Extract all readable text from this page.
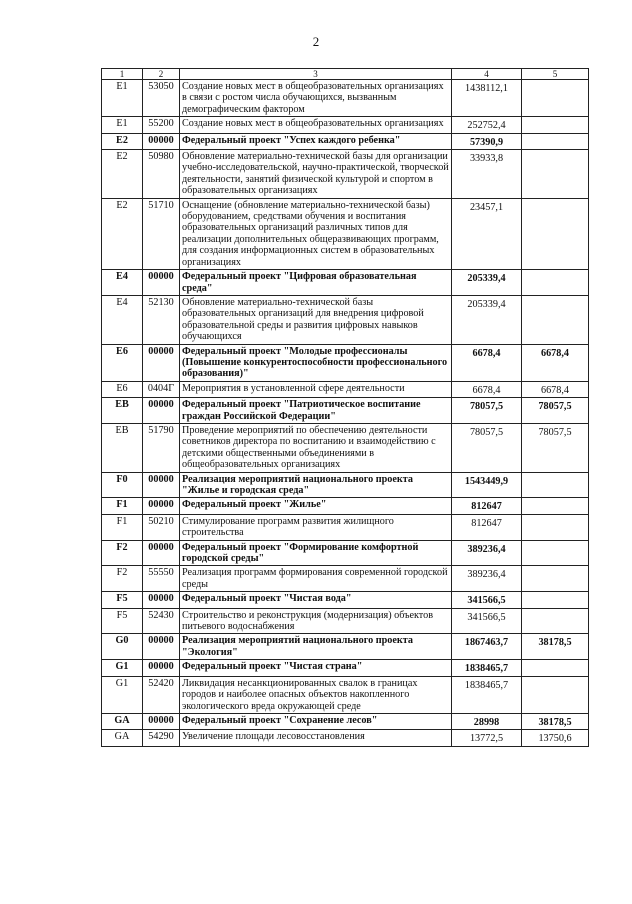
2
1	2	3	4	5
E1	53050	Создание новых мест в общеобразовательных организациях в связи с ростом числа обучающихся, вызванным демографическим фактором	1438112,1	
E1	55200	Создание новых мест в общеобразовательных организациях	252752,4	
E2	00000	Федеральный проект "Успех каждого ребенка"	57390,9	
E2	50980	Обновление материально-технической базы для организации учебно-исследовательской, научно-практической, творческой деятельности, занятий физической культурой и спортом в образовательных организациях	33933,8	
E2	51710	Оснащение (обновление материально-технической базы) оборудованием, средствами обучения и воспитания образовательных организаций различных типов для реализации дополнительных общеразвивающих программ, для создания информационных систем в образовательных организациях	23457,1	
E4	00000	Федеральный проект "Цифровая образовательная среда"	205339,4	
E4	52130	Обновление материально-технической базы образовательных организаций для внедрения цифровой образовательной среды и развития цифровых навыков обучающихся	205339,4	
E6	00000	Федеральный проект "Молодые профессионалы (Повышение конкурентоспособности профессионального образования)"	6678,4	6678,4
E6	0404Г	Мероприятия в установленной сфере деятельности	6678,4	6678,4
EB	00000	Федеральный проект "Патриотическое воспитание граждан Российской Федерации"	78057,5	78057,5
EB	51790	Проведение мероприятий по обеспечению деятельности советников директора по воспитанию и взаимодействию с детскими общественными объединениями в общеобразовательных организациях	78057,5	78057,5
F0	00000	Реализация мероприятий национального проекта "Жилье и городская среда"	1543449,9	
F1	00000	Федеральный проект "Жилье"	812647	
F1	50210	Стимулирование программ развития жилищного строительства	812647	
F2	00000	Федеральный проект "Формирование комфортной городской среды"	389236,4	
F2	55550	Реализация программ формирования современной городской среды	389236,4	
F5	00000	Федеральный проект "Чистая вода"	341566,5	
F5	52430	Строительство и реконструкция (модернизация) объектов питьевого водоснабжения	341566,5	
G0	00000	Реализация мероприятий национального проекта "Экология"	1867463,7	38178,5
G1	00000	Федеральный проект "Чистая страна"	1838465,7	
G1	52420	Ликвидация несанкционированных свалок в границах городов и наиболее опасных объектов накопленного экологического вреда окружающей среде	1838465,7	
GA	00000	Федеральный проект "Сохранение лесов"	28998	38178,5
GA	54290	Увеличение площади лесовосстановления	13772,5	13750,6
